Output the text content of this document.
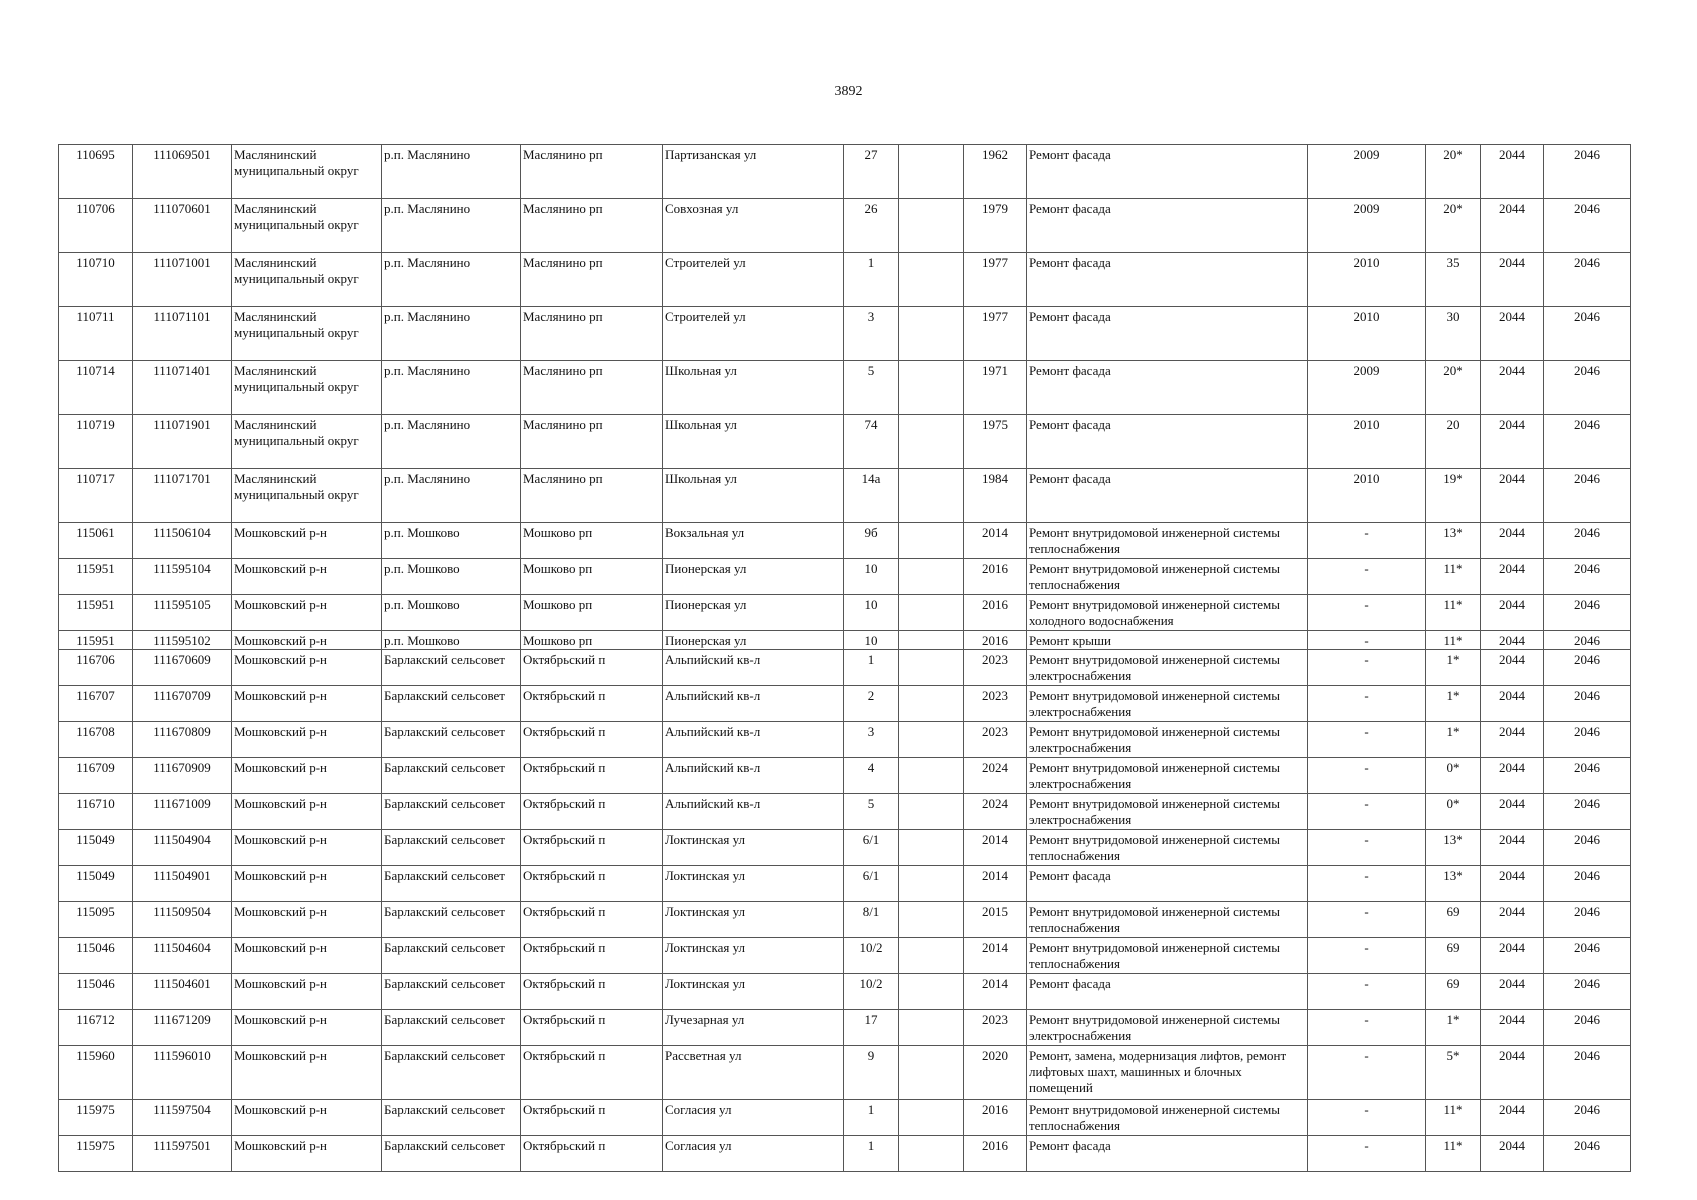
3892
110695	111069501	Маслянинский муниципальный округ	р.п. Маслянино	Маслянино рп	Партизанская ул	27		1962	Ремонт фасада	2009	20*	2044	2046
110706	111070601	Маслянинский муниципальный округ	р.п. Маслянино	Маслянино рп	Совхозная ул	26		1979	Ремонт фасада	2009	20*	2044	2046
110710	111071001	Маслянинский муниципальный округ	р.п. Маслянино	Маслянино рп	Строителей ул	1		1977	Ремонт фасада	2010	35	2044	2046
110711	111071101	Маслянинский муниципальный округ	р.п. Маслянино	Маслянино рп	Строителей ул	3		1977	Ремонт фасада	2010	30	2044	2046
110714	111071401	Маслянинский муниципальный округ	р.п. Маслянино	Маслянино рп	Школьная ул	5		1971	Ремонт фасада	2009	20*	2044	2046
110719	111071901	Маслянинский муниципальный округ	р.п. Маслянино	Маслянино рп	Школьная ул	74		1975	Ремонт фасада	2010	20	2044	2046
110717	111071701	Маслянинский муниципальный округ	р.п. Маслянино	Маслянино рп	Школьная ул	14а		1984	Ремонт фасада	2010	19*	2044	2046
115061	111506104	Мошковский р-н	р.п. Мошково	Мошково рп	Вокзальная ул	9б		2014	Ремонт внутридомовой инженерной системы теплоснабжения	-	13*	2044	2046
115951	111595104	Мошковский р-н	р.п. Мошково	Мошково рп	Пионерская ул	10		2016	Ремонт внутридомовой инженерной системы теплоснабжения	-	11*	2044	2046
115951	111595105	Мошковский р-н	р.п. Мошково	Мошково рп	Пионерская ул	10		2016	Ремонт внутридомовой инженерной системы холодного водоснабжения	-	11*	2044	2046
115951	111595102	Мошковский р-н	р.п. Мошково	Мошково рп	Пионерская ул	10		2016	Ремонт крыши	-	11*	2044	2046
116706	111670609	Мошковский р-н	Барлакский сельсовет	Октябрьский п	Альпийский кв-л	1		2023	Ремонт внутридомовой инженерной системы электроснабжения	-	1*	2044	2046
116707	111670709	Мошковский р-н	Барлакский сельсовет	Октябрьский п	Альпийский кв-л	2		2023	Ремонт внутридомовой инженерной системы электроснабжения	-	1*	2044	2046
116708	111670809	Мошковский р-н	Барлакский сельсовет	Октябрьский п	Альпийский кв-л	3		2023	Ремонт внутридомовой инженерной системы электроснабжения	-	1*	2044	2046
116709	111670909	Мошковский р-н	Барлакский сельсовет	Октябрьский п	Альпийский кв-л	4		2024	Ремонт внутридомовой инженерной системы электроснабжения	-	0*	2044	2046
116710	111671009	Мошковский р-н	Барлакский сельсовет	Октябрьский п	Альпийский кв-л	5		2024	Ремонт внутридомовой инженерной системы электроснабжения	-	0*	2044	2046
115049	111504904	Мошковский р-н	Барлакский сельсовет	Октябрьский п	Локтинская ул	6/1		2014	Ремонт внутридомовой инженерной системы теплоснабжения	-	13*	2044	2046
115049	111504901	Мошковский р-н	Барлакский сельсовет	Октябрьский п	Локтинская ул	6/1		2014	Ремонт фасада	-	13*	2044	2046
115095	111509504	Мошковский р-н	Барлакский сельсовет	Октябрьский п	Локтинская ул	8/1		2015	Ремонт внутридомовой инженерной системы теплоснабжения	-	69	2044	2046
115046	111504604	Мошковский р-н	Барлакский сельсовет	Октябрьский п	Локтинская ул	10/2		2014	Ремонт внутридомовой инженерной системы теплоснабжения	-	69	2044	2046
115046	111504601	Мошковский р-н	Барлакский сельсовет	Октябрьский п	Локтинская ул	10/2		2014	Ремонт фасада	-	69	2044	2046
116712	111671209	Мошковский р-н	Барлакский сельсовет	Октябрьский п	Лучезарная ул	17		2023	Ремонт внутридомовой инженерной системы электроснабжения	-	1*	2044	2046
115960	111596010	Мошковский р-н	Барлакский сельсовет	Октябрьский п	Рассветная ул	9		2020	Ремонт, замена, модернизация лифтов, ремонт лифтовых шахт, машинных и блочных помещений	-	5*	2044	2046
115975	111597504	Мошковский р-н	Барлакский сельсовет	Октябрьский п	Согласия ул	1		2016	Ремонт внутридомовой инженерной системы теплоснабжения	-	11*	2044	2046
115975	111597501	Мошковский р-н	Барлакский сельсовет	Октябрьский п	Согласия ул	1		2016	Ремонт фасада	-	11*	2044	2046
